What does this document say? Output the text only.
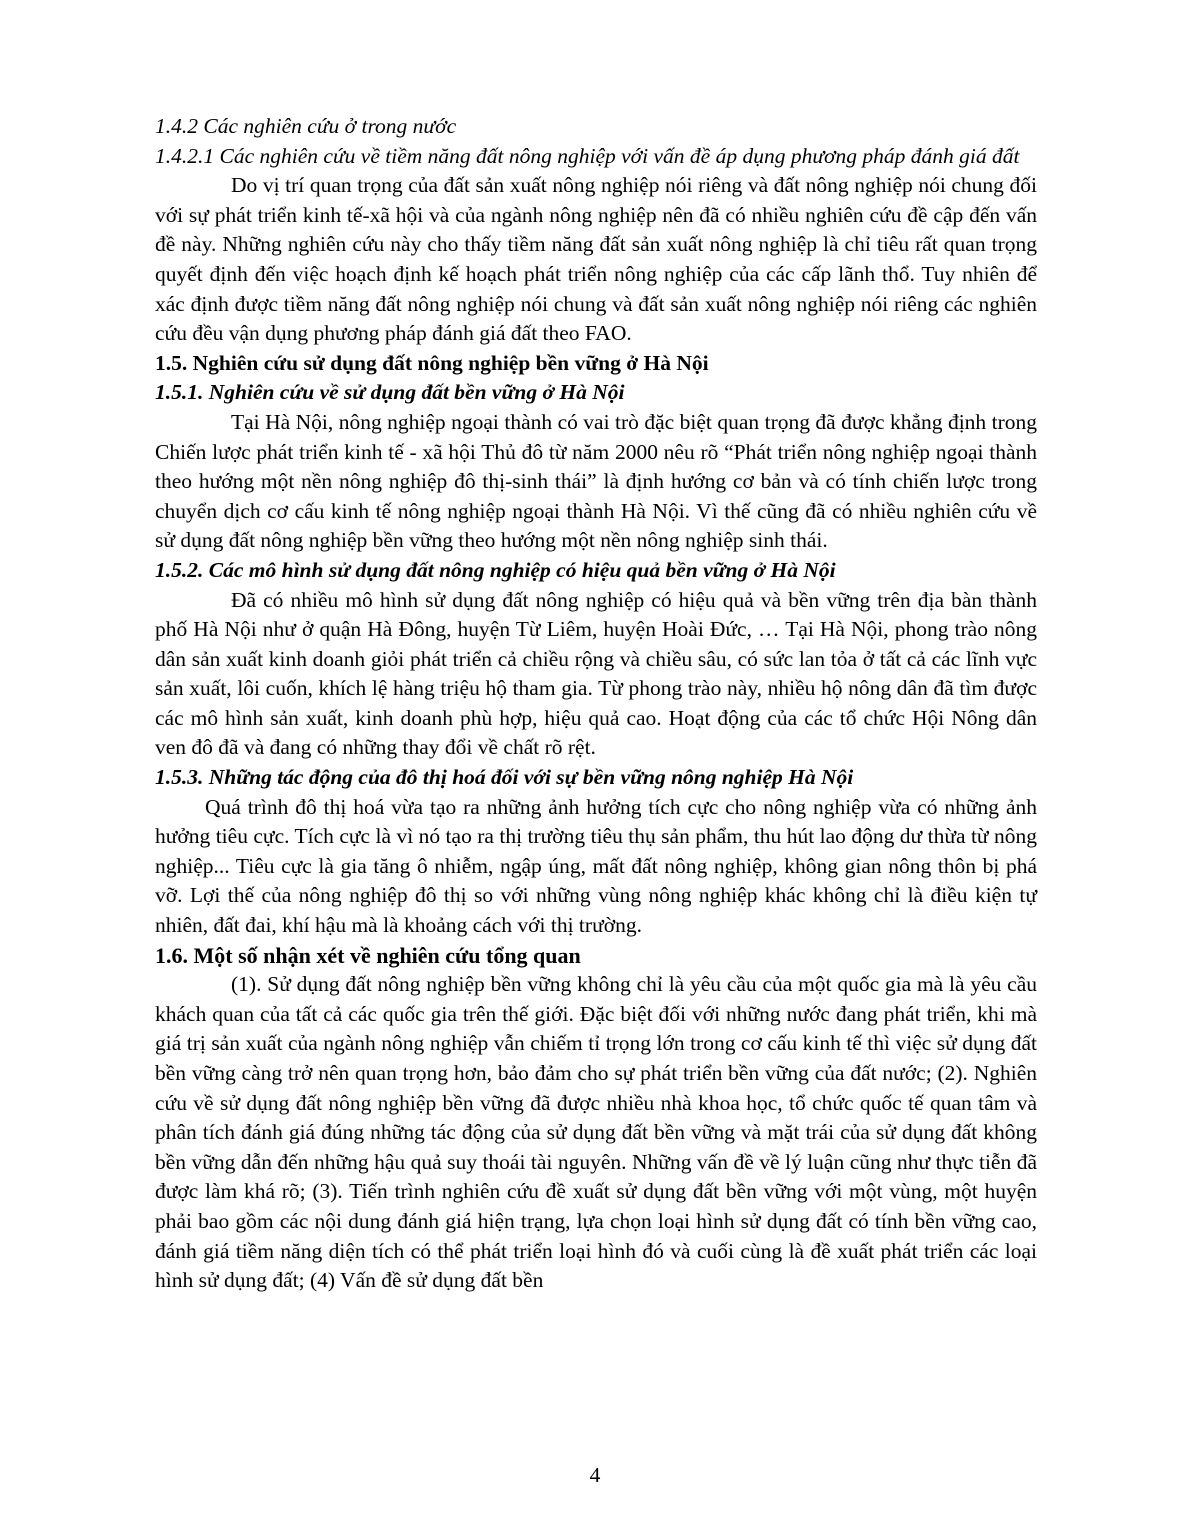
1.4.2 Các nghiên cứu ở trong nước
1.4.2.1 Các nghiên cứu về tiềm năng đất nông nghiệp với vấn đề áp dụng phương pháp đánh giá đất

Do vị trí quan trọng của đất sản xuất nông nghiệp nói riêng và đất nông nghiệp nói chung đối với sự phát triển kinh tế-xã hội và của ngành nông nghiệp nên đã có nhiều nghiên cứu đề cập đến vấn đề này. Những nghiên cứu này cho thấy tiềm năng đất sản xuất nông nghiệp là chỉ tiêu rất quan trọng quyết định đến việc hoạch định kế hoạch phát triển nông nghiệp của các cấp lãnh thổ. Tuy nhiên để xác định được tiềm năng đất nông nghiệp nói chung và đất sản xuất nông nghiệp nói riêng các nghiên cứu đều vận dụng phương pháp đánh giá đất theo FAO.

1.5. Nghiên cứu sử dụng đất nông nghiệp bền vững ở Hà Nội
1.5.1. Nghiên cứu về sử dụng đất bền vững ở Hà Nội

Tại Hà Nội, nông nghiệp ngoại thành có vai trò đặc biệt quan trọng đã được khẳng định trong Chiến lược phát triển kinh tế - xã hội Thủ đô từ năm 2000 nêu rõ “Phát triển nông nghiệp ngoại thành theo hướng một nền nông nghiệp đô thị-sinh thái” là định hướng cơ bản và có tính chiến lược trong chuyển dịch cơ cấu kinh tế nông nghiệp ngoại thành Hà Nội. Vì thế cũng đã có nhiều nghiên cứu về sử dụng đất nông nghiệp bền vững theo hướng một nền nông nghiệp sinh thái.

1.5.2. Các mô hình sử dụng đất nông nghiệp có hiệu quả bền vững ở Hà Nội

Đã có nhiều mô hình sử dụng đất nông nghiệp có hiệu quả và bền vững trên địa bàn thành phố Hà Nội như ở quận Hà Đông, huyện Từ Liêm, huyện Hoài Đức, … Tại Hà Nội, phong trào nông dân sản xuất kinh doanh giỏi phát triển cả chiều rộng và chiều sâu, có sức lan tỏa ở tất cả các lĩnh vực sản xuất, lôi cuốn, khích lệ hàng triệu hộ tham gia. Từ phong trào này, nhiều hộ nông dân đã tìm được các mô hình sản xuất, kinh doanh phù hợp, hiệu quả cao. Hoạt động của các tổ chức Hội Nông dân ven đô đã và đang có những thay đổi về chất rõ rệt.

1.5.3. Những tác động của đô thị hoá đối với sự bền vững nông nghiệp Hà Nội

Quá trình đô thị hoá vừa tạo ra những ảnh hưởng tích cực cho nông nghiệp vừa có những ảnh hưởng tiêu cực. Tích cực là vì nó tạo ra thị trường tiêu thụ sản phẩm, thu hút lao động dư thừa từ nông nghiệp... Tiêu cực là gia tăng ô nhiễm, ngập úng, mất đất nông nghiệp, không gian nông thôn bị phá vỡ. Lợi thế của nông nghiệp đô thị so với những vùng nông nghiệp khác không chỉ là điều kiện tự nhiên, đất đai, khí hậu mà là khoảng cách với thị trường.

1.6. Một số nhận xét về nghiên cứu tổng quan

(1). Sử dụng đất nông nghiệp bền vững không chỉ là yêu cầu của một quốc gia mà là yêu cầu khách quan của tất cả các quốc gia trên thế giới. Đặc biệt đối với những nước đang phát triển, khi mà giá trị sản xuất của ngành nông nghiệp vẫn chiếm tỉ trọng lớn trong cơ cấu kinh tế thì việc sử dụng đất bền vững càng trở nên quan trọng hơn, bảo đảm cho sự phát triển bền vững của đất nước; (2). Nghiên cứu về sử dụng đất nông nghiệp bền vững đã được nhiều nhà khoa học, tổ chức quốc tế quan tâm và phân tích đánh giá đúng những tác động của sử dụng đất bền vững và mặt trái của sử dụng đất không bền vững dẫn đến những hậu quả suy thoái tài nguyên. Những vấn đề về lý luận cũng như thực tiễn đã được làm khá rõ; (3). Tiến trình nghiên cứu đề xuất sử dụng đất bền vững với một vùng, một huyện phải bao gồm các nội dung đánh giá hiện trạng, lựa chọn loại hình sử dụng đất có tính bền vững cao, đánh giá tiềm năng diện tích có thể phát triển loại hình đó và cuối cùng là đề xuất phát triển các loại hình sử dụng đất; (4) Vấn đề sử dụng đất bền

4
